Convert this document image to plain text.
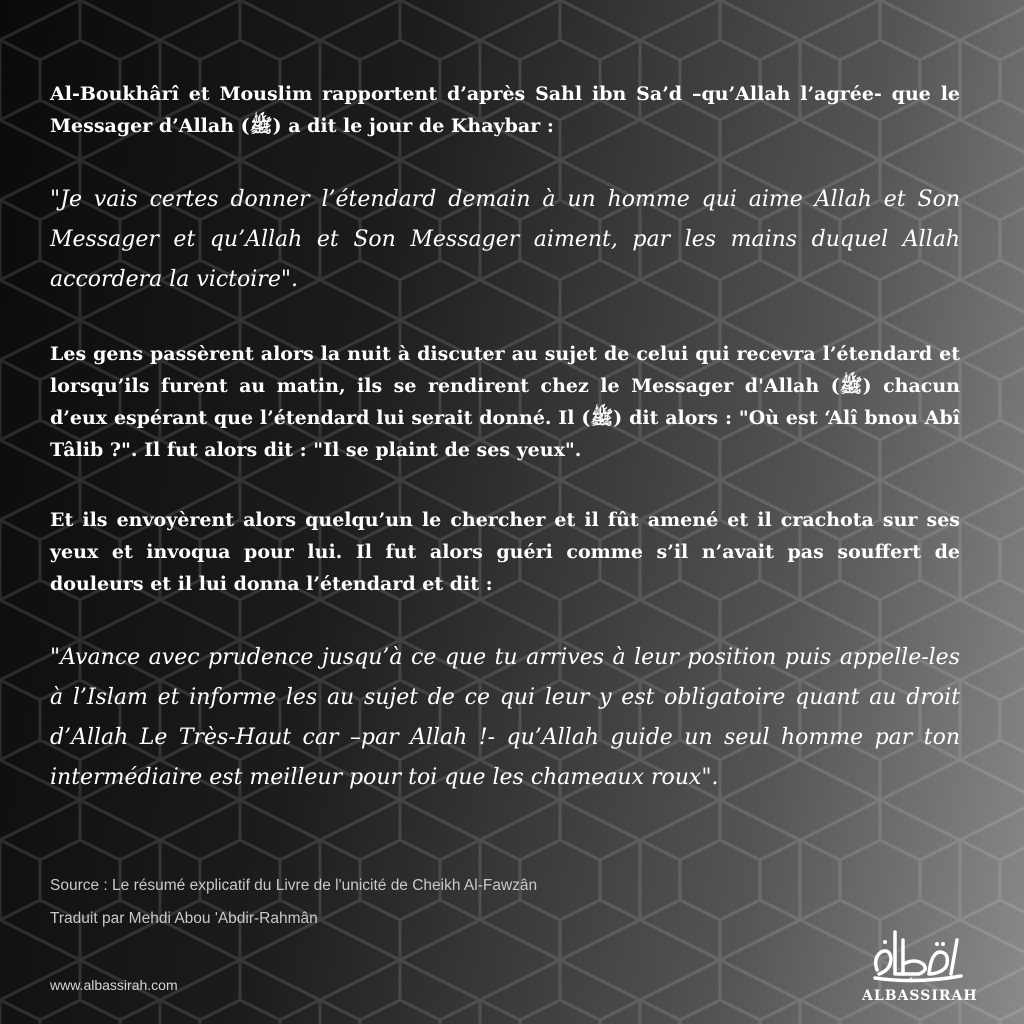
Al-Boukhârî et Mouslim rapportent d’après Sahl ibn Sa’d –qu’Allah l’agrée- que le Messager d’Allah (ﷺ) a dit le jour de Khaybar :

"Je vais certes donner l’étendard demain à un homme qui aime Allah et Son Messager et qu’Allah et Son Messager aiment, par les mains duquel Allah accordera la victoire".

Les gens passèrent alors la nuit à discuter au sujet de celui qui recevra l’étendard et lorsqu’ils furent au matin, ils se rendirent chez le Messager d'Allah (ﷺ) chacun d’eux espérant que l’étendard lui serait donné. Il (ﷺ) dit alors : "Où est ‘Alî bnou Abî Tâlib ?". Il fut alors dit : "Il se plaint de ses yeux".

Et ils envoyèrent alors quelqu’un le chercher et il fût amené et il crachota sur ses yeux et invoqua pour lui. Il fut alors guéri comme s’il n’avait pas souffert de douleurs et il lui donna l’étendard et dit :

"Avance avec prudence jusqu’à ce que tu arrives à leur position puis appelle-les à l’Islam et informe les au sujet de ce qui leur y est obligatoire quant au droit d’Allah Le Très-Haut car –par Allah !- qu’Allah guide un seul homme par ton intermédiaire est meilleur pour toi que les chameaux roux".

Source : Le résumé explicatif du Livre de l'unicité de Cheikh Al-Fawzân
Traduit par Mehdi Abou 'Abdir-Rahmân
www.albassirah.com
ALBASSIRAH
